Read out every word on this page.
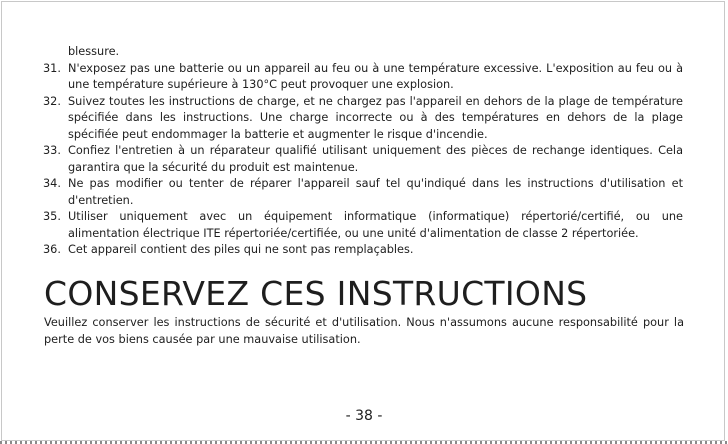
blessure.
31. N'exposez pas une batterie ou un appareil au feu ou à une température excessive. L'exposition au feu ou à une température supérieure à 130°C peut provoquer une explosion.
32. Suivez toutes les instructions de charge, et ne chargez pas l'appareil en dehors de la plage de température spécifiée dans les instructions. Une charge incorrecte ou à des températures en dehors de la plage spécifiée peut endommager la batterie et augmenter le risque d'incendie.
33. Confiez l'entretien à un réparateur qualifié utilisant uniquement des pièces de rechange identiques. Cela garantira que la sécurité du produit est maintenue.
34. Ne pas modifier ou tenter de réparer l'appareil sauf tel qu'indiqué dans les instructions d'utilisation et d'entretien.
35. Utiliser uniquement avec un équipement informatique (informatique) répertorié/certifié, ou une alimentation électrique ITE répertoriée/certifiée, ou une unité d'alimentation de classe 2 répertoriée.
36. Cet appareil contient des piles qui ne sont pas remplaçables.
CONSERVEZ CES INSTRUCTIONS

Veuillez conserver les instructions de sécurité et d'utilisation. Nous n'assumons aucune responsabilité pour la perte de vos biens causée par une mauvaise utilisation.

- 38 -
